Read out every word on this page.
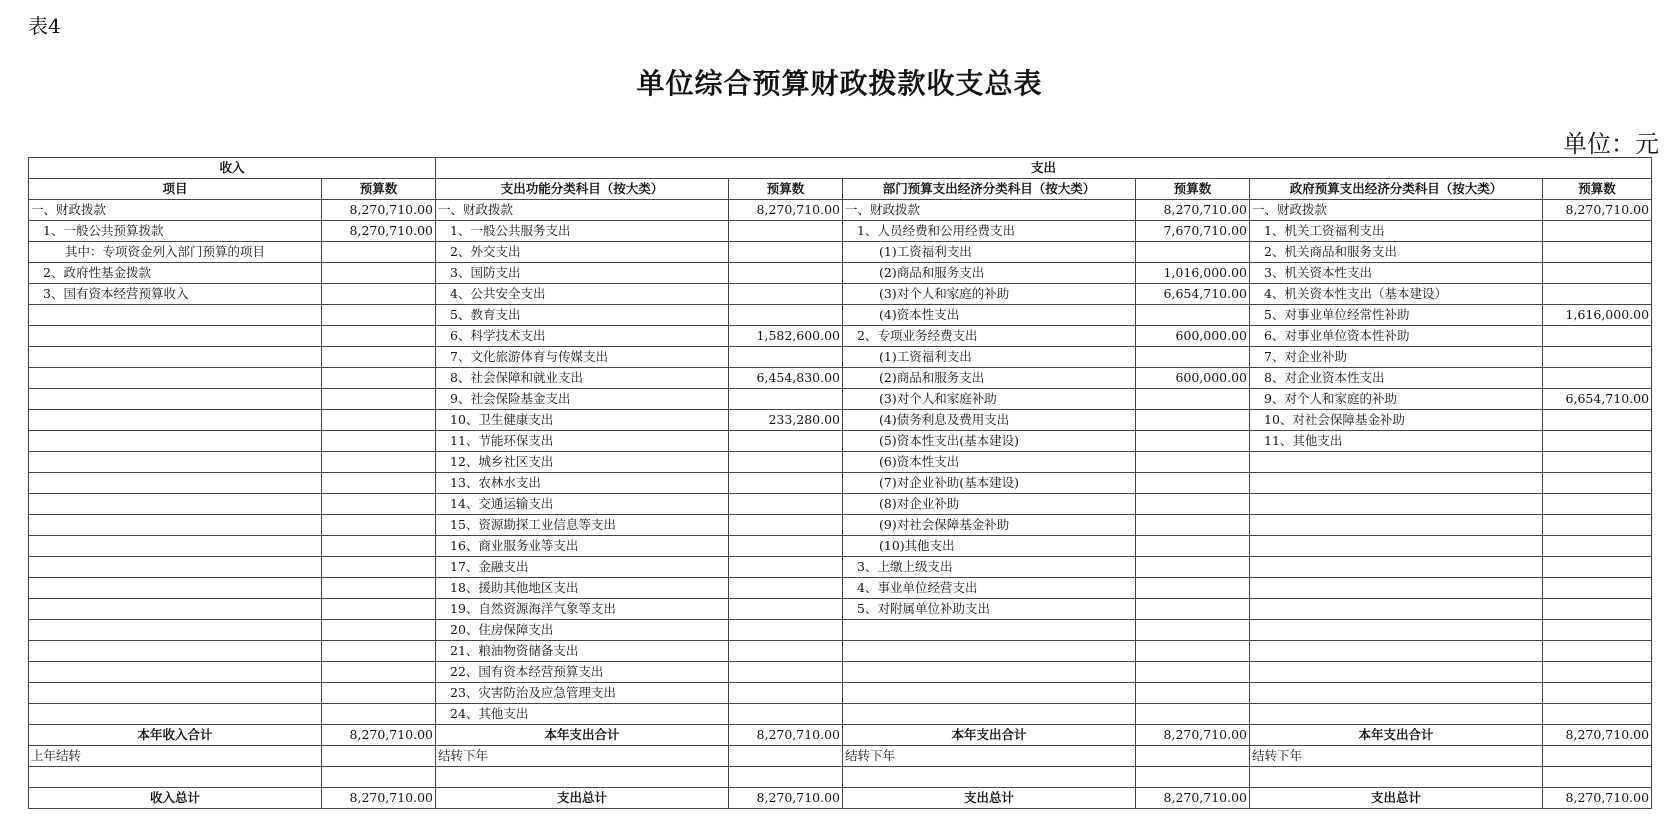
表4
单位综合预算财政拨款收支总表
单位：元
收入		支出					
项目	预算数	支出功能分类科目（按大类）	预算数	部门预算支出经济分类科目（按大类）	预算数	政府预算支出经济分类科目（按大类）	预算数
一、财政拨款	8,270,710.00	一、财政拨款	8,270,710.00	一、财政拨款	8,270,710.00	一、财政拨款	8,270,710.00
1、一般公共预算拨款	8,270,710.00	1、一般公共服务支出		1、人员经费和公用经费支出	7,670,710.00	1、机关工资福利支出	
其中：专项资金列入部门预算的项目		2、外交支出		(1)工资福利支出		2、机关商品和服务支出	
2、政府性基金拨款		3、国防支出		(2)商品和服务支出	1,016,000.00	3、机关资本性支出	
3、国有资本经营预算收入		4、公共安全支出		(3)对个人和家庭的补助	6,654,710.00	4、机关资本性支出（基本建设）	
		5、教育支出		(4)资本性支出		5、对事业单位经常性补助	1,616,000.00
		6、科学技术支出	1,582,600.00	2、专项业务经费支出	600,000.00	6、对事业单位资本性补助	
		7、文化旅游体育与传媒支出		(1)工资福利支出		7、对企业补助	
		8、社会保障和就业支出	6,454,830.00	(2)商品和服务支出	600,000.00	8、对企业资本性支出	
		9、社会保险基金支出		(3)对个人和家庭补助		9、对个人和家庭的补助	6,654,710.00
		10、卫生健康支出	233,280.00	(4)债务利息及费用支出		10、对社会保障基金补助	
		11、节能环保支出		(5)资本性支出(基本建设)		11、其他支出	
		12、城乡社区支出		(6)资本性支出			
		13、农林水支出		(7)对企业补助(基本建设)			
		14、交通运输支出		(8)对企业补助			
		15、资源勘探工业信息等支出		(9)对社会保障基金补助			
		16、商业服务业等支出		(10)其他支出			
		17、金融支出		3、上缴上级支出			
		18、援助其他地区支出		4、事业单位经营支出			
		19、自然资源海洋气象等支出		5、对附属单位补助支出			
		20、住房保障支出					
		21、粮油物资储备支出					
		22、国有资本经营预算支出					
		23、灾害防治及应急管理支出					
		24、其他支出					
本年收入合计	8,270,710.00	本年支出合计	8,270,710.00	本年支出合计	8,270,710.00	本年支出合计	8,270,710.00
上年结转		结转下年		结转下年		结转下年	

收入总计	8,270,710.00	支出总计	8,270,710.00	支出总计	8,270,710.00	支出总计	8,270,710.00
